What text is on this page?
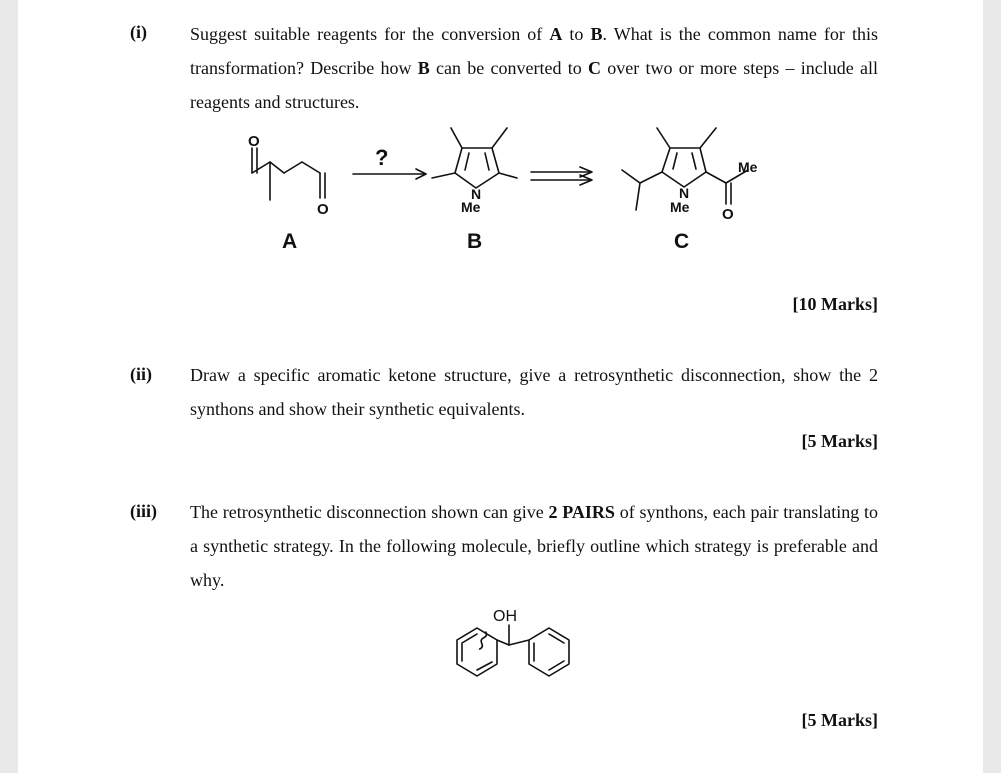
(i) Suggest suitable reagents for the conversion of A to B. What is the common name for this transformation? Describe how B can be converted to C over two or more steps – include all reagents and structures.
O
O
N
Me
N
Me
Me
O
?
A	B	C
OH
[10 Marks]
(ii) Draw a specific aromatic ketone structure, give a retrosynthetic disconnection, show the 2 synthons and show their synthetic equivalents.
[5 Marks]
(iii) The retrosynthetic disconnection shown can give 2 PAIRS of synthons, each pair translating to a synthetic strategy. In the following molecule, briefly outline which strategy is preferable and why.
[5 Marks]
